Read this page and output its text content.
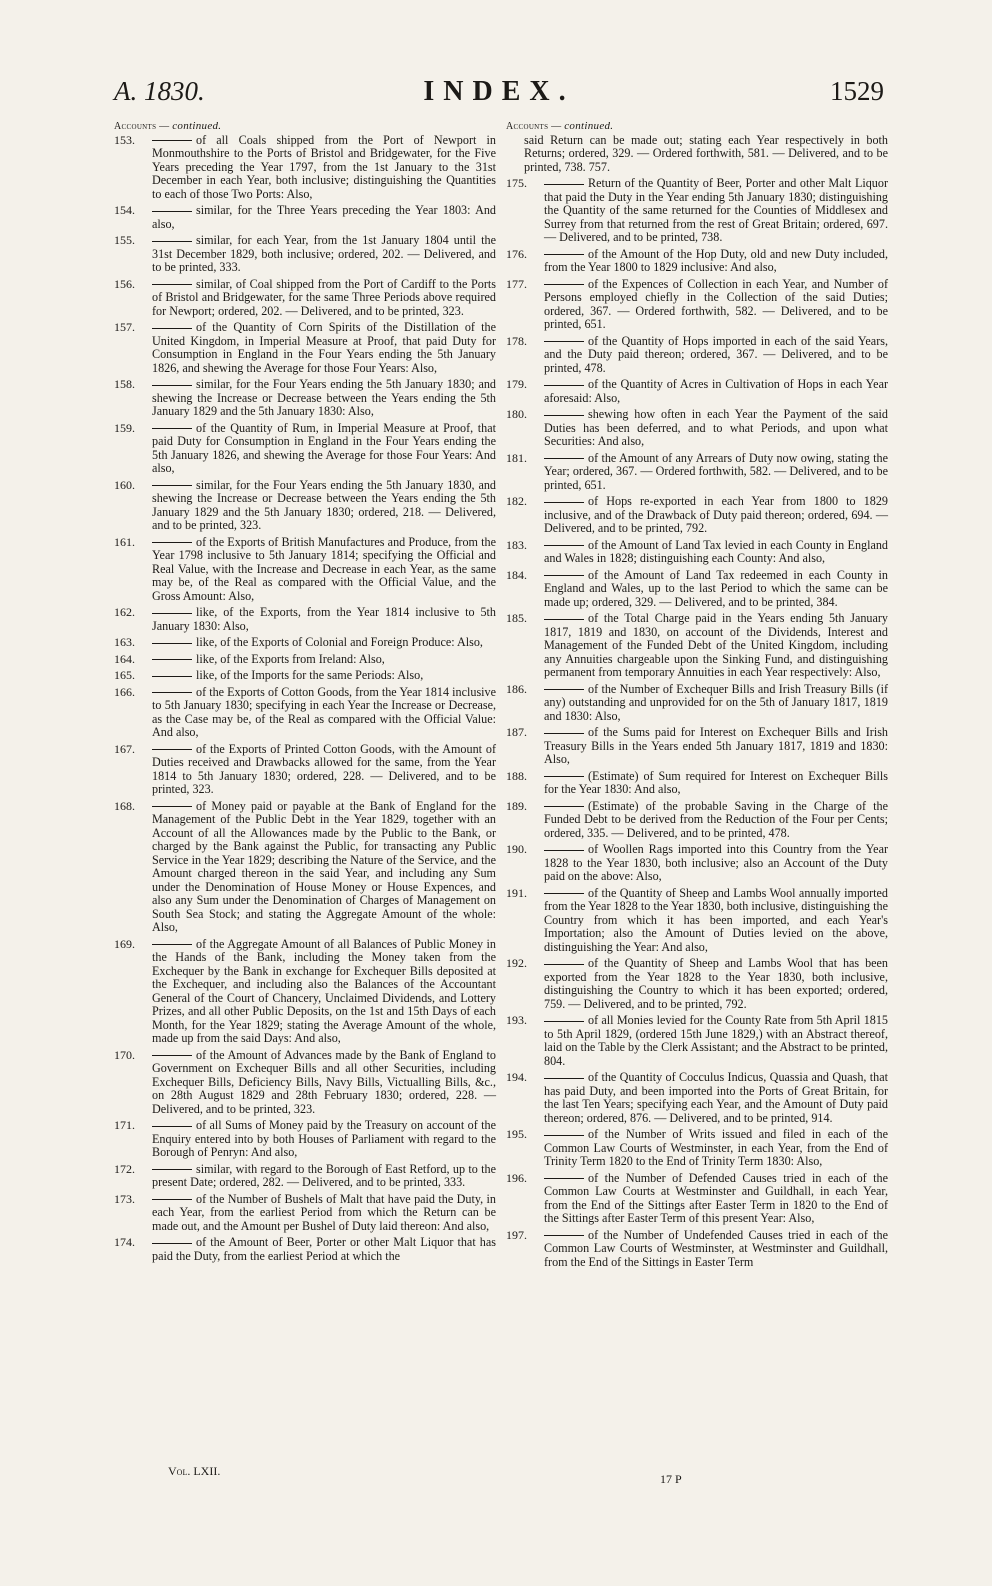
A. 1830.	INDEX.	1529
Accounts — continued.
153.	of all Coals shipped from the Port of Newport in Monmouthshire to the Ports of Bristol and Bridgewater, for the Five Years preceding the Year 1797, from the 1st January to the 31st December in each Year, both inclusive; distinguishing the Quantities to each of those Two Ports: Also,
154.	similar, for the Three Years preceding the Year 1803: And also,
155.	similar, for each Year, from the 1st January 1804 until the 31st December 1829, both inclusive; ordered, 202. — Delivered, and to be printed, 333.
156.	similar, of Coal shipped from the Port of Cardiff to the Ports of Bristol and Bridgewater, for the same Three Periods above required for Newport; ordered, 202. — Delivered, and to be printed, 323.
157.	of the Quantity of Corn Spirits of the Distillation of the United Kingdom, in Imperial Measure at Proof, that paid Duty for Consumption in England in the Four Years ending the 5th January 1826, and shewing the Average for those Four Years: Also,
158.	similar, for the Four Years ending the 5th January 1830; and shewing the Increase or Decrease between the Years ending the 5th January 1829 and the 5th January 1830: Also,
159.	of the Quantity of Rum, in Imperial Measure at Proof, that paid Duty for Consumption in England in the Four Years ending the 5th January 1826, and shewing the Average for those Four Years: And also,
160.	similar, for the Four Years ending the 5th January 1830, and shewing the Increase or Decrease between the Years ending the 5th January 1829 and the 5th January 1830; ordered, 218. — Delivered, and to be printed, 323.
161.	of the Exports of British Manufactures and Produce, from the Year 1798 inclusive to 5th January 1814; specifying the Official and Real Value, with the Increase and Decrease in each Year, as the same may be, of the Real as compared with the Official Value, and the Gross Amount: Also,
162.	like, of the Exports, from the Year 1814 inclusive to 5th January 1830: Also,
163.	like, of the Exports of Colonial and Foreign Produce: Also,
164.	like, of the Exports from Ireland: Also,
165.	like, of the Imports for the same Periods: Also,
166.	of the Exports of Cotton Goods, from the Year 1814 inclusive to 5th January 1830; specifying in each Year the Increase or Decrease, as the Case may be, of the Real as compared with the Official Value: And also,
167.	of the Exports of Printed Cotton Goods, with the Amount of Duties received and Drawbacks allowed for the same, from the Year 1814 to 5th January 1830; ordered, 228. — Delivered, and to be printed, 323.
168.	of Money paid or payable at the Bank of England for the Management of the Public Debt in the Year 1829, together with an Account of all the Allowances made by the Public to the Bank, or charged by the Bank against the Public, for transacting any Public Service in the Year 1829; describing the Nature of the Service, and the Amount charged thereon in the said Year, and including any Sum under the Denomination of House Money or House Expences, and also any Sum under the Denomination of Charges of Management on South Sea Stock; and stating the Aggregate Amount of the whole: Also,
169.	of the Aggregate Amount of all Balances of Public Money in the Hands of the Bank, including the Money taken from the Exchequer by the Bank in exchange for Exchequer Bills deposited at the Exchequer, and including also the Balances of the Accountant General of the Court of Chancery, Unclaimed Dividends, and Lottery Prizes, and all other Public Deposits, on the 1st and 15th Days of each Month, for the Year 1829; stating the Average Amount of the whole, made up from the said Days: And also,
170.	of the Amount of Advances made by the Bank of England to Government on Exchequer Bills and all other Securities, including Exchequer Bills, Deficiency Bills, Navy Bills, Victualling Bills, &c., on 28th August 1829 and 28th February 1830; ordered, 228. — Delivered, and to be printed, 323.
171.	of all Sums of Money paid by the Treasury on account of the Enquiry entered into by both Houses of Parliament with regard to the Borough of Penryn: And also,
172.	similar, with regard to the Borough of East Retford, up to the present Date; ordered, 282. — Delivered, and to be printed, 333.
173.	of the Number of Bushels of Malt that have paid the Duty, in each Year, from the earliest Period from which the Return can be made out, and the Amount per Bushel of Duty laid thereon: And also,
174.	of the Amount of Beer, Porter or other Malt Liquor that has paid the Duty, from the earliest Period at which the
Accounts — continued.
said Return can be made out; stating each Year respectively in both Returns; ordered, 329. — Ordered forthwith, 581. — Delivered, and to be printed, 738. 757.
175.	Return of the Quantity of Beer, Porter and other Malt Liquor that paid the Duty in the Year ending 5th January 1830; distinguishing the Quantity of the same returned for the Counties of Middlesex and Surrey from that returned from the rest of Great Britain; ordered, 697. — Delivered, and to be printed, 738.
176.	of the Amount of the Hop Duty, old and new Duty included, from the Year 1800 to 1829 inclusive: And also,
177.	of the Expences of Collection in each Year, and Number of Persons employed chiefly in the Collection of the said Duties; ordered, 367. — Ordered forthwith, 582. — Delivered, and to be printed, 651.
178.	of the Quantity of Hops imported in each of the said Years, and the Duty paid thereon; ordered, 367. — Delivered, and to be printed, 478.
179.	of the Quantity of Acres in Cultivation of Hops in each Year aforesaid: Also,
180.	shewing how often in each Year the Payment of the said Duties has been deferred, and to what Periods, and upon what Securities: And also,
181.	of the Amount of any Arrears of Duty now owing, stating the Year; ordered, 367. — Ordered forthwith, 582. — Delivered, and to be printed, 651.
182.	of Hops re-exported in each Year from 1800 to 1829 inclusive, and of the Drawback of Duty paid thereon; ordered, 694. — Delivered, and to be printed, 792.
183.	of the Amount of Land Tax levied in each County in England and Wales in 1828; distinguishing each County: And also,
184.	of the Amount of Land Tax redeemed in each County in England and Wales, up to the last Period to which the same can be made up; ordered, 329. — Delivered, and to be printed, 384.
185.	of the Total Charge paid in the Years ending 5th January 1817, 1819 and 1830, on account of the Dividends, Interest and Management of the Funded Debt of the United Kingdom, including any Annuities chargeable upon the Sinking Fund, and distinguishing permanent from temporary Annuities in each Year respectively: Also,
186.	of the Number of Exchequer Bills and Irish Treasury Bills (if any) outstanding and unprovided for on the 5th of January 1817, 1819 and 1830: Also,
187.	of the Sums paid for Interest on Exchequer Bills and Irish Treasury Bills in the Years ended 5th January 1817, 1819 and 1830: Also,
188.	(Estimate) of Sum required for Interest on Exchequer Bills for the Year 1830: And also,
189.	(Estimate) of the probable Saving in the Charge of the Funded Debt to be derived from the Reduction of the Four per Cents; ordered, 335. — Delivered, and to be printed, 478.
190.	of Woollen Rags imported into this Country from the Year 1828 to the Year 1830, both inclusive; also an Account of the Duty paid on the above: Also,
191.	of the Quantity of Sheep and Lambs Wool annually imported from the Year 1828 to the Year 1830, both inclusive, distinguishing the Country from which it has been imported, and each Year's Importation; also the Amount of Duties levied on the above, distinguishing the Year: And also,
192.	of the Quantity of Sheep and Lambs Wool that has been exported from the Year 1828 to the Year 1830, both inclusive, distinguishing the Country to which it has been exported; ordered, 759. — Delivered, and to be printed, 792.
193.	of all Monies levied for the County Rate from 5th April 1815 to 5th April 1829, (ordered 15th June 1829,) with an Abstract thereof, laid on the Table by the Clerk Assistant; and the Abstract to be printed, 804.
194.	of the Quantity of Cocculus Indicus, Quassia and Quash, that has paid Duty, and been imported into the Ports of Great Britain, for the last Ten Years; specifying each Year, and the Amount of Duty paid thereon; ordered, 876. — Delivered, and to be printed, 914.
195.	of the Number of Writs issued and filed in each of the Common Law Courts of Westminster, in each Year, from the End of Trinity Term 1820 to the End of Trinity Term 1830: Also,
196.	of the Number of Defended Causes tried in each of the Common Law Courts at Westminster and Guildhall, in each Year, from the End of the Sittings after Easter Term in 1820 to the End of the Sittings after Easter Term of this present Year: Also,
197.	of the Number of Undefended Causes tried in each of the Common Law Courts of Westminster, at Westminster and Guildhall, from the End of the Sittings in Easter Term
Vol. LXII.
17 P
